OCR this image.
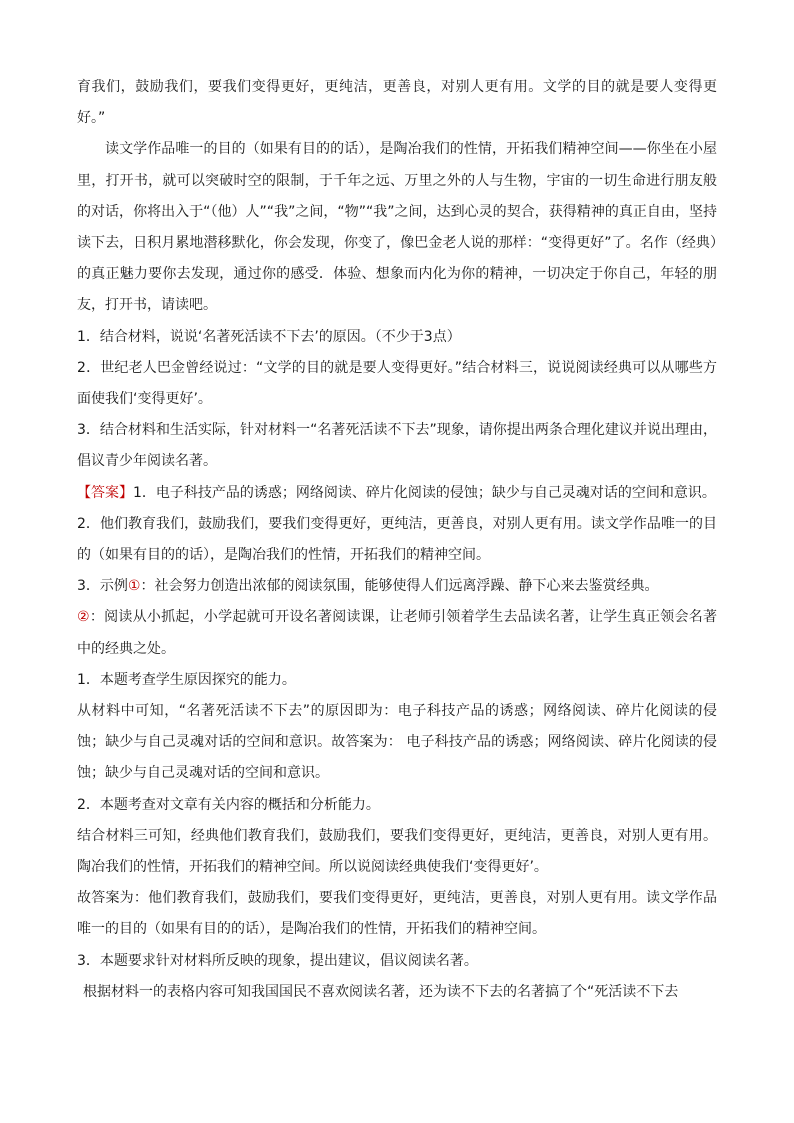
育我们，鼓励我们，要我们变得更好，更纯洁，更善良，对别人更有用。文学的目的就是要人变得更好。”

读文学作品唯一的目的（如果有目的的话），是陶冶我们的性情，开拓我们精神空间——你坐在小屋里，打开书，就可以突破时空的限制，于千年之远、万里之外的人与生物，宇宙的一切生命进行朋友般的对话，你将出入于“（他）人”“我”之间，“物”“我”之间，达到心灵的契合，获得精神的真正自由，坚持读下去，日积月累地潜移默化，你会发现，你变了，像巴金老人说的那样：“变得更好”了。名作（经典）的真正魅力要你去发现，通过你的感受．体验、想象而内化为你的精神，一切决定于你自己，年轻的朋友，打开书，请读吧。

1．结合材料，说说‘名著死活读不下去’的原因。（不少于3点）

2．世纪老人巴金曾经说过：“文学的目的就是要人变得更好。”结合材料三，说说阅读经典可以从哪些方面使我们‘变得更好’。

3．结合材料和生活实际，针对材料一“名著死活读不下去”现象，请你提出两条合理化建议并说出理由，倡议青少年阅读名著。

【答案】1．电子科技产品的诱惑；网络阅读、碎片化阅读的侵蚀；缺少与自己灵魂对话的空间和意识。

2．他们教育我们，鼓励我们，要我们变得更好，更纯洁，更善良，对别人更有用。读文学作品唯一的目的（如果有目的的话），是陶冶我们的性情，开拓我们的精神空间。

3．示例①：社会努力创造出浓郁的阅读氛围，能够使得人们远离浮躁、静下心来去鉴赏经典。
②：阅读从小抓起，小学起就可开设名著阅读课，让老师引领着学生去品读名著，让学生真正领会名著中的经典之处。

1．本题考查学生原因探究的能力。

从材料中可知，“名著死活读不下去”的原因即为：电子科技产品的诱惑；网络阅读、碎片化阅读的侵蚀；缺少与自己灵魂对话的空间和意识。故答案为： 电子科技产品的诱惑；网络阅读、碎片化阅读的侵蚀；缺少与自己灵魂对话的空间和意识。

2．本题考查对文章有关内容的概括和分析能力。

结合材料三可知，经典他们教育我们，鼓励我们，要我们变得更好，更纯洁，更善良，对别人更有用。陶冶我们的性情，开拓我们的精神空间。所以说阅读经典使我们‘变得更好’。

故答案为：他们教育我们，鼓励我们，要我们变得更好，更纯洁，更善良，对别人更有用。读文学作品唯一的目的（如果有目的的话），是陶冶我们的性情，开拓我们的精神空间。

3．本题要求针对材料所反映的现象，提出建议，倡议阅读名著。

根据材料一的表格内容可知我国国民不喜欢阅读名著，还为读不下去的名著搞了个“死活读不下去
